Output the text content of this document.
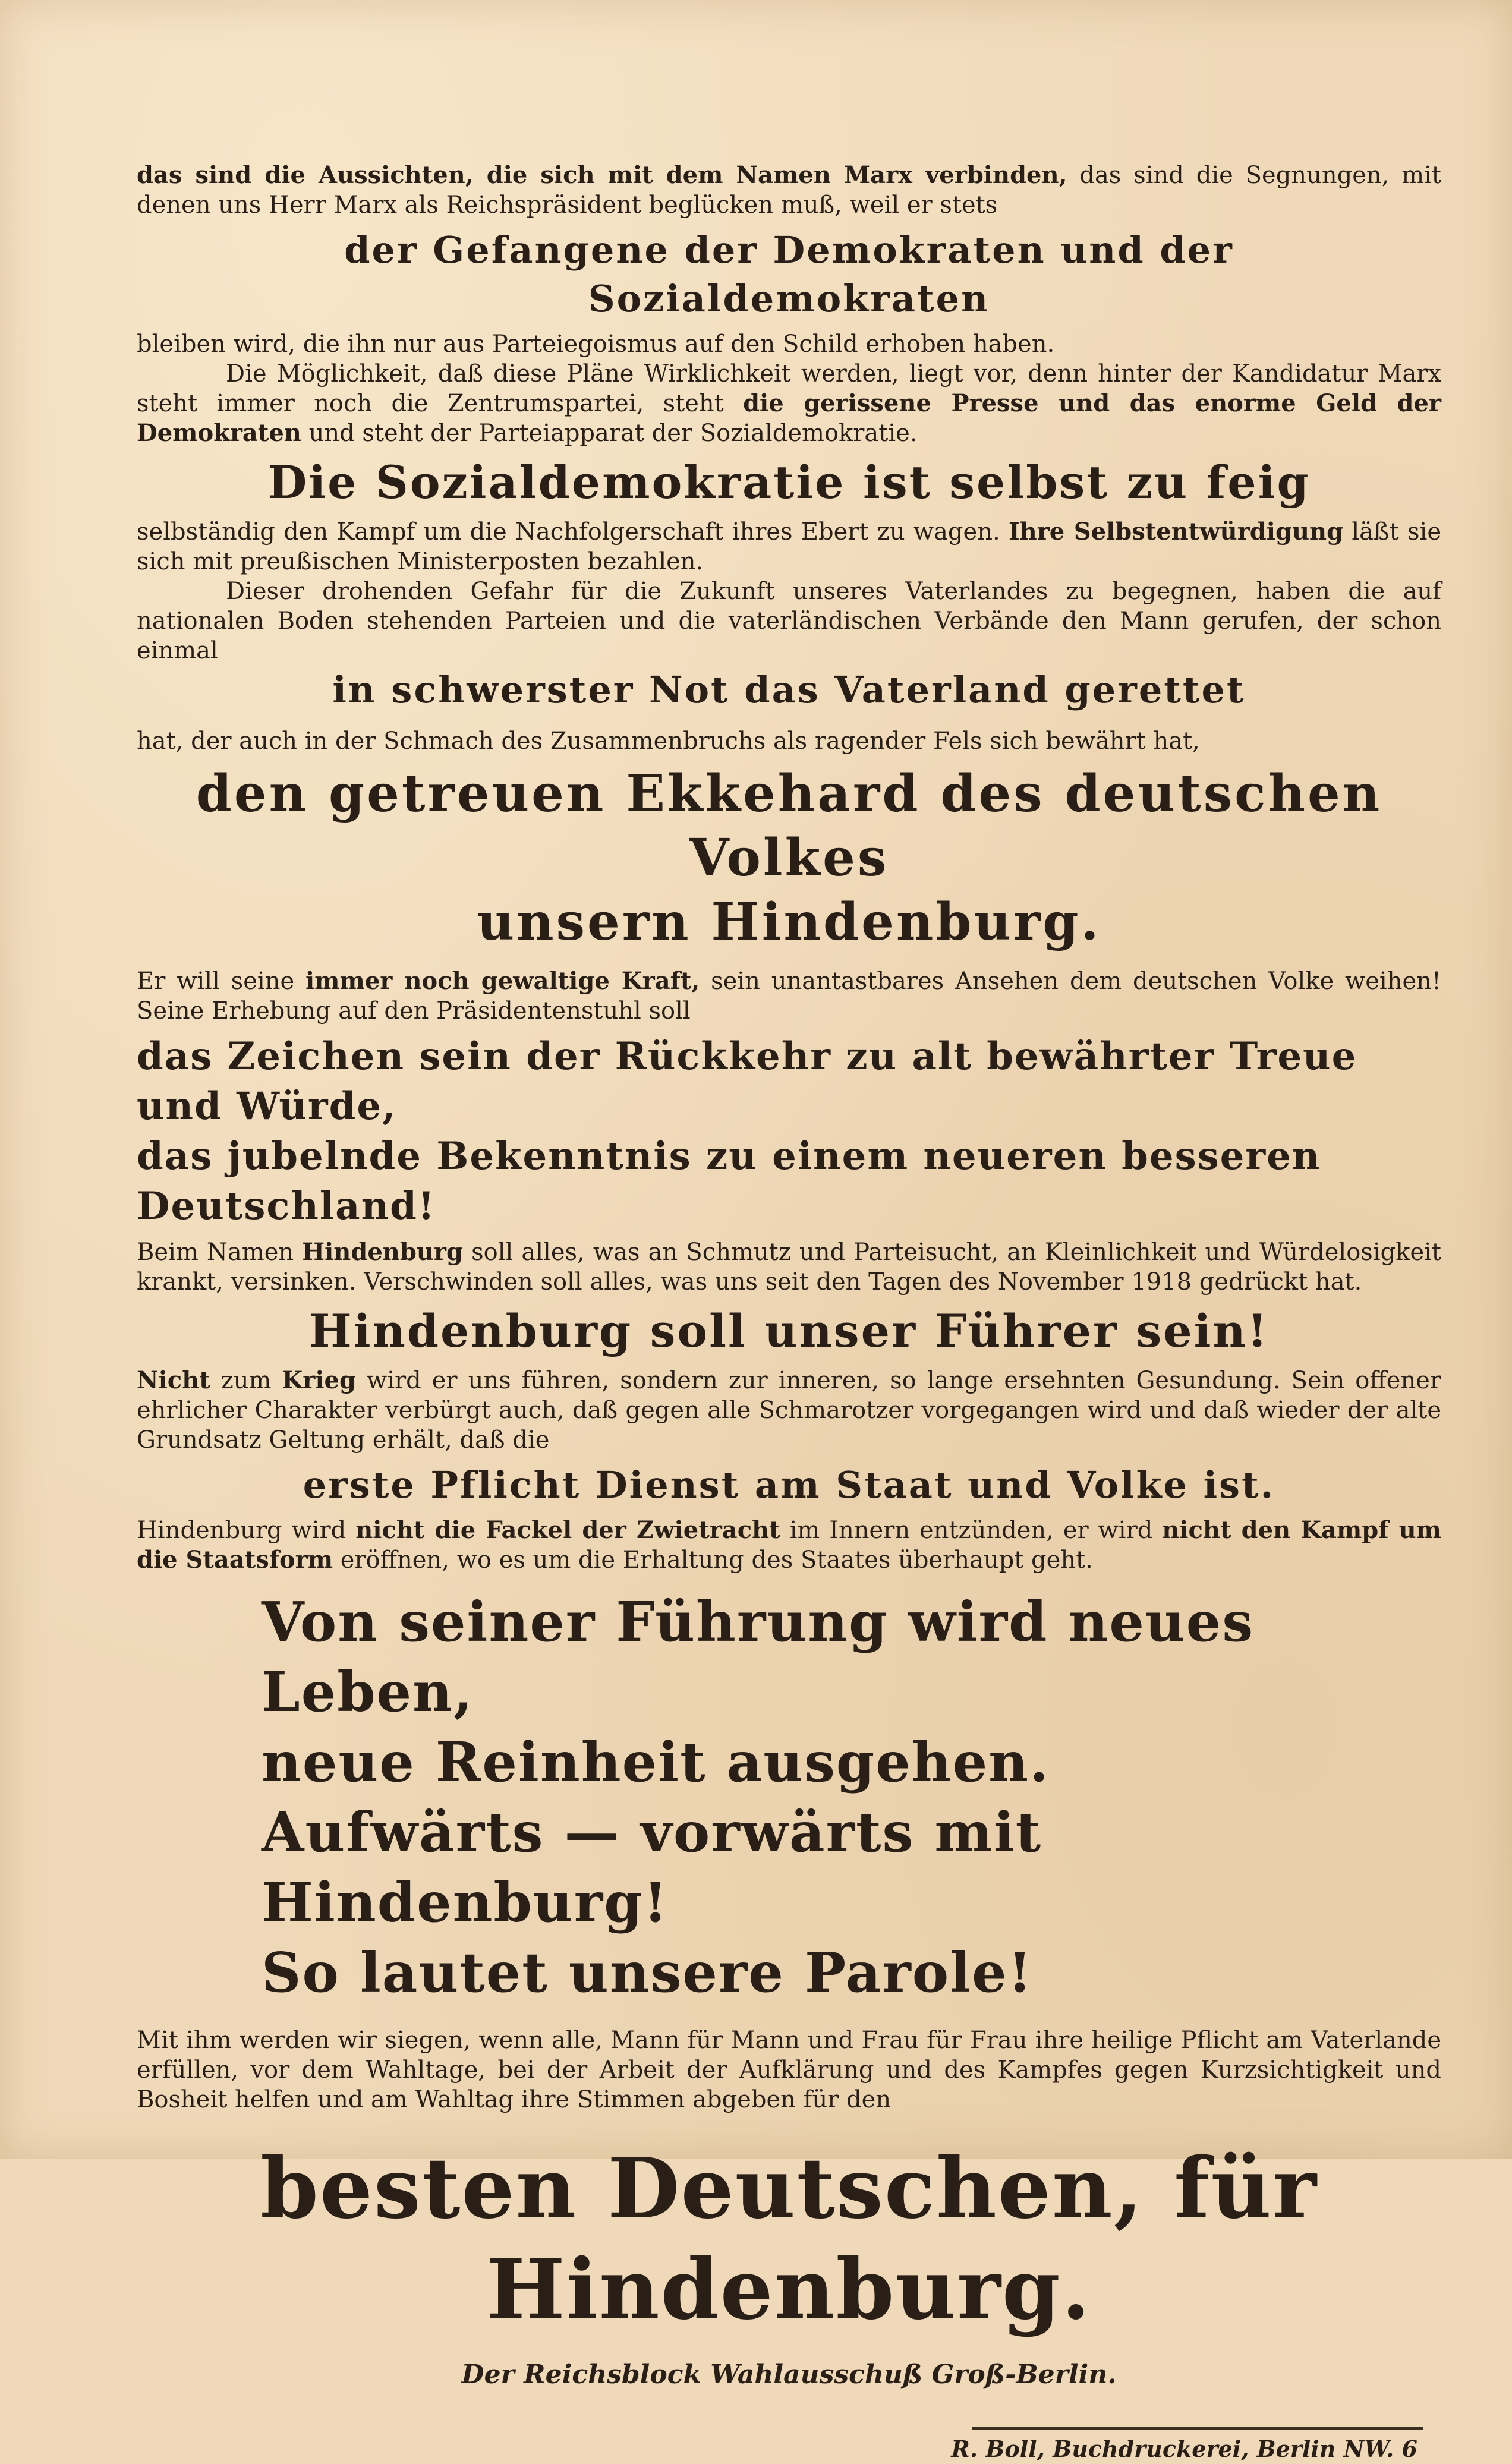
das sind die Aussichten, die sich mit dem Namen Marx verbinden, das sind die Segnungen, mit denen uns Herr Marx als Reichspräsident beglücken muß, weil er stets

der Gefangene der Demokraten und der Sozialdemokraten

bleiben wird, die ihn nur aus Parteiegoismus auf den Schild erhoben haben.

Die Möglichkeit, daß diese Pläne Wirklichkeit werden, liegt vor, denn hinter der Kandidatur Marx steht immer noch die Zentrumspartei, steht die gerissene Presse und das enorme Geld der Demokraten und steht der Parteiapparat der Sozialdemokratie.

Die Sozialdemokratie ist selbst zu feig

selbständig den Kampf um die Nachfolgerschaft ihres Ebert zu wagen. Ihre Selbstentwürdigung läßt sie sich mit preußischen Ministerposten bezahlen.

Dieser drohenden Gefahr für die Zukunft unseres Vaterlandes zu begegnen, haben die auf nationalen Boden stehenden Parteien und die vaterländischen Verbände den Mann gerufen, der schon einmal

in schwerster Not das Vaterland gerettet

hat, der auch in der Schmach des Zusammenbruchs als ragender Fels sich bewährt hat,

den getreuen Ekkehard des deutschen Volkes

unsern Hindenburg.

Er will seine immer noch gewaltige Kraft, sein unantastbares Ansehen dem deutschen Volke weihen! Seine Erhebung auf den Präsidentenstuhl soll

das Zeichen sein der Rückkehr zu alt bewährter Treue und Würde,

das jubelnde Bekenntnis zu einem neueren besseren Deutschland!

Beim Namen Hindenburg soll alles, was an Schmutz und Parteisucht, an Kleinlichkeit und Würdelosigkeit krankt, versinken. Verschwinden soll alles, was uns seit den Tagen des November 1918 gedrückt hat.

Hindenburg soll unser Führer sein!

Nicht zum Krieg wird er uns führen, sondern zur inneren, so lange ersehnten Gesundung. Sein offener ehrlicher Charakter verbürgt auch, daß gegen alle Schmarotzer vorgegangen wird und daß wieder der alte Grundsatz Geltung erhält, daß die

erste Pflicht Dienst am Staat und Volke ist.

Hindenburg wird nicht die Fackel der Zwietracht im Innern entzünden, er wird nicht den Kampf um die Staatsform eröffnen, wo es um die Erhaltung des Staates überhaupt geht.

Von seiner Führung wird neues Leben,

neue Reinheit ausgehen.

Aufwärts — vorwärts mit Hindenburg!

So lautet unsere Parole!

Mit ihm werden wir siegen, wenn alle, Mann für Mann und Frau für Frau ihre heilige Pflicht am Vaterlande erfüllen, vor dem Wahltage, bei der Arbeit der Aufklärung und des Kampfes gegen Kurzsichtigkeit und Bosheit helfen und am Wahltag ihre Stimmen abgeben für den

besten Deutschen, für Hindenburg.

Der Reichsblock Wahlausschuß Groß-Berlin.

R. Boll, Buchdruckerei, Berlin NW. 6
